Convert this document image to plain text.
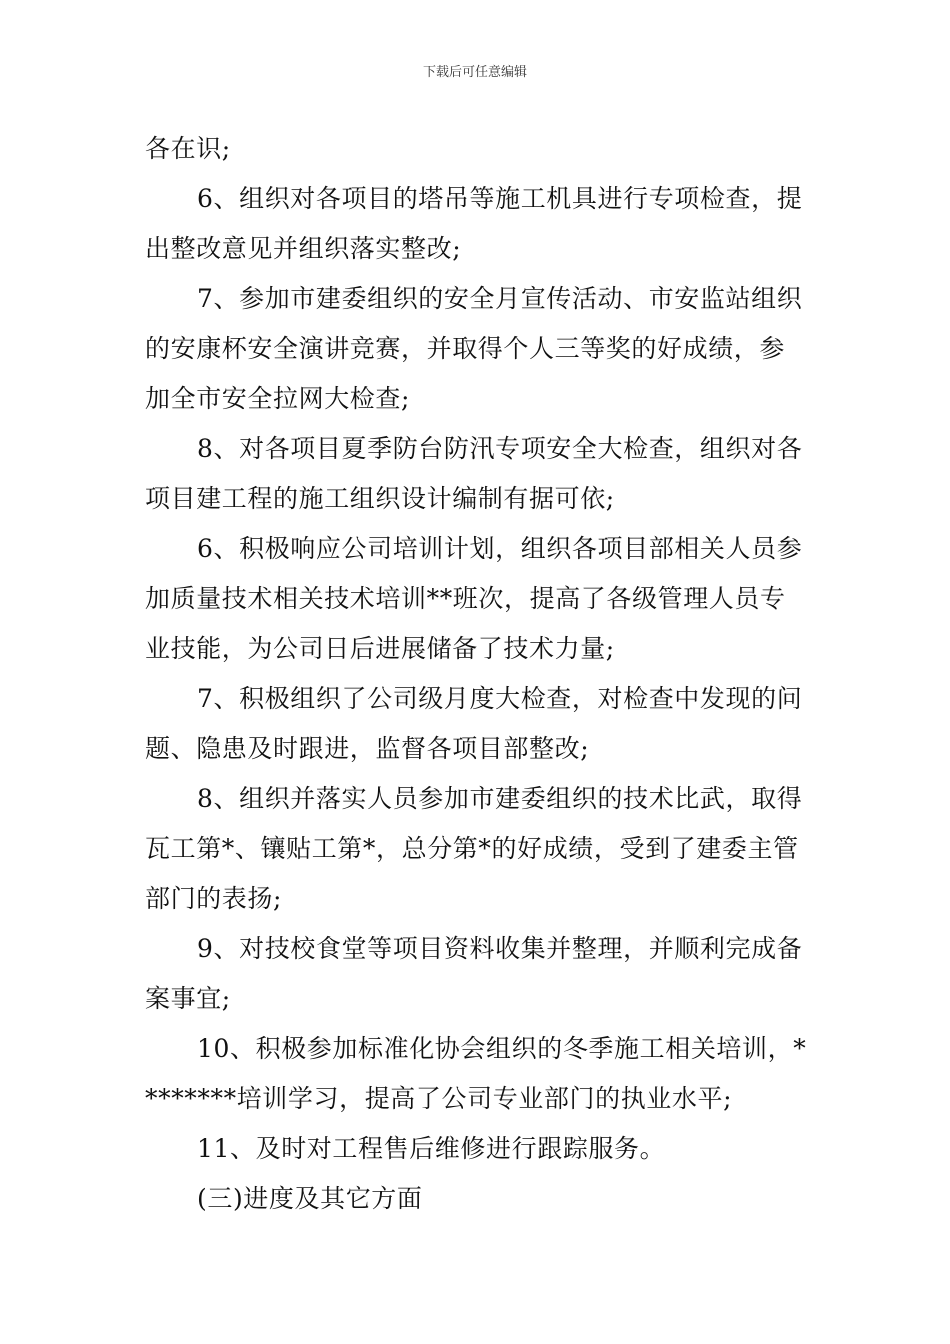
下载后可任意编辑
各在识;
6、组织对各项目的塔吊等施工机具进行专项检查，提
出整改意见并组织落实整改;
7、参加市建委组织的安全月宣传活动、市安监站组织
的安康杯安全演讲竞赛，并取得个人三等奖的好成绩，参
加全市安全拉网大检查;
8、对各项目夏季防台防汛专项安全大检查，组织对各
项目建工程的施工组织设计编制有据可依;
6、积极响应公司培训计划，组织各项目部相关人员参
加质量技术相关技术培训**班次，提高了各级管理人员专
业技能，为公司日后进展储备了技术力量;
7、积极组织了公司级月度大检查，对检查中发现的问
题、隐患及时跟进，监督各项目部整改;
8、组织并落实人员参加市建委组织的技术比武，取得
瓦工第*、镶贴工第*，总分第*的好成绩，受到了建委主管
部门的表扬;
9、对技校食堂等项目资料收集并整理，并顺利完成备
案事宜;
10、积极参加标准化协会组织的冬季施工相关培训，*
*******培训学习，提高了公司专业部门的执业水平;
11、及时对工程售后维修进行跟踪服务。
(三)进度及其它方面
